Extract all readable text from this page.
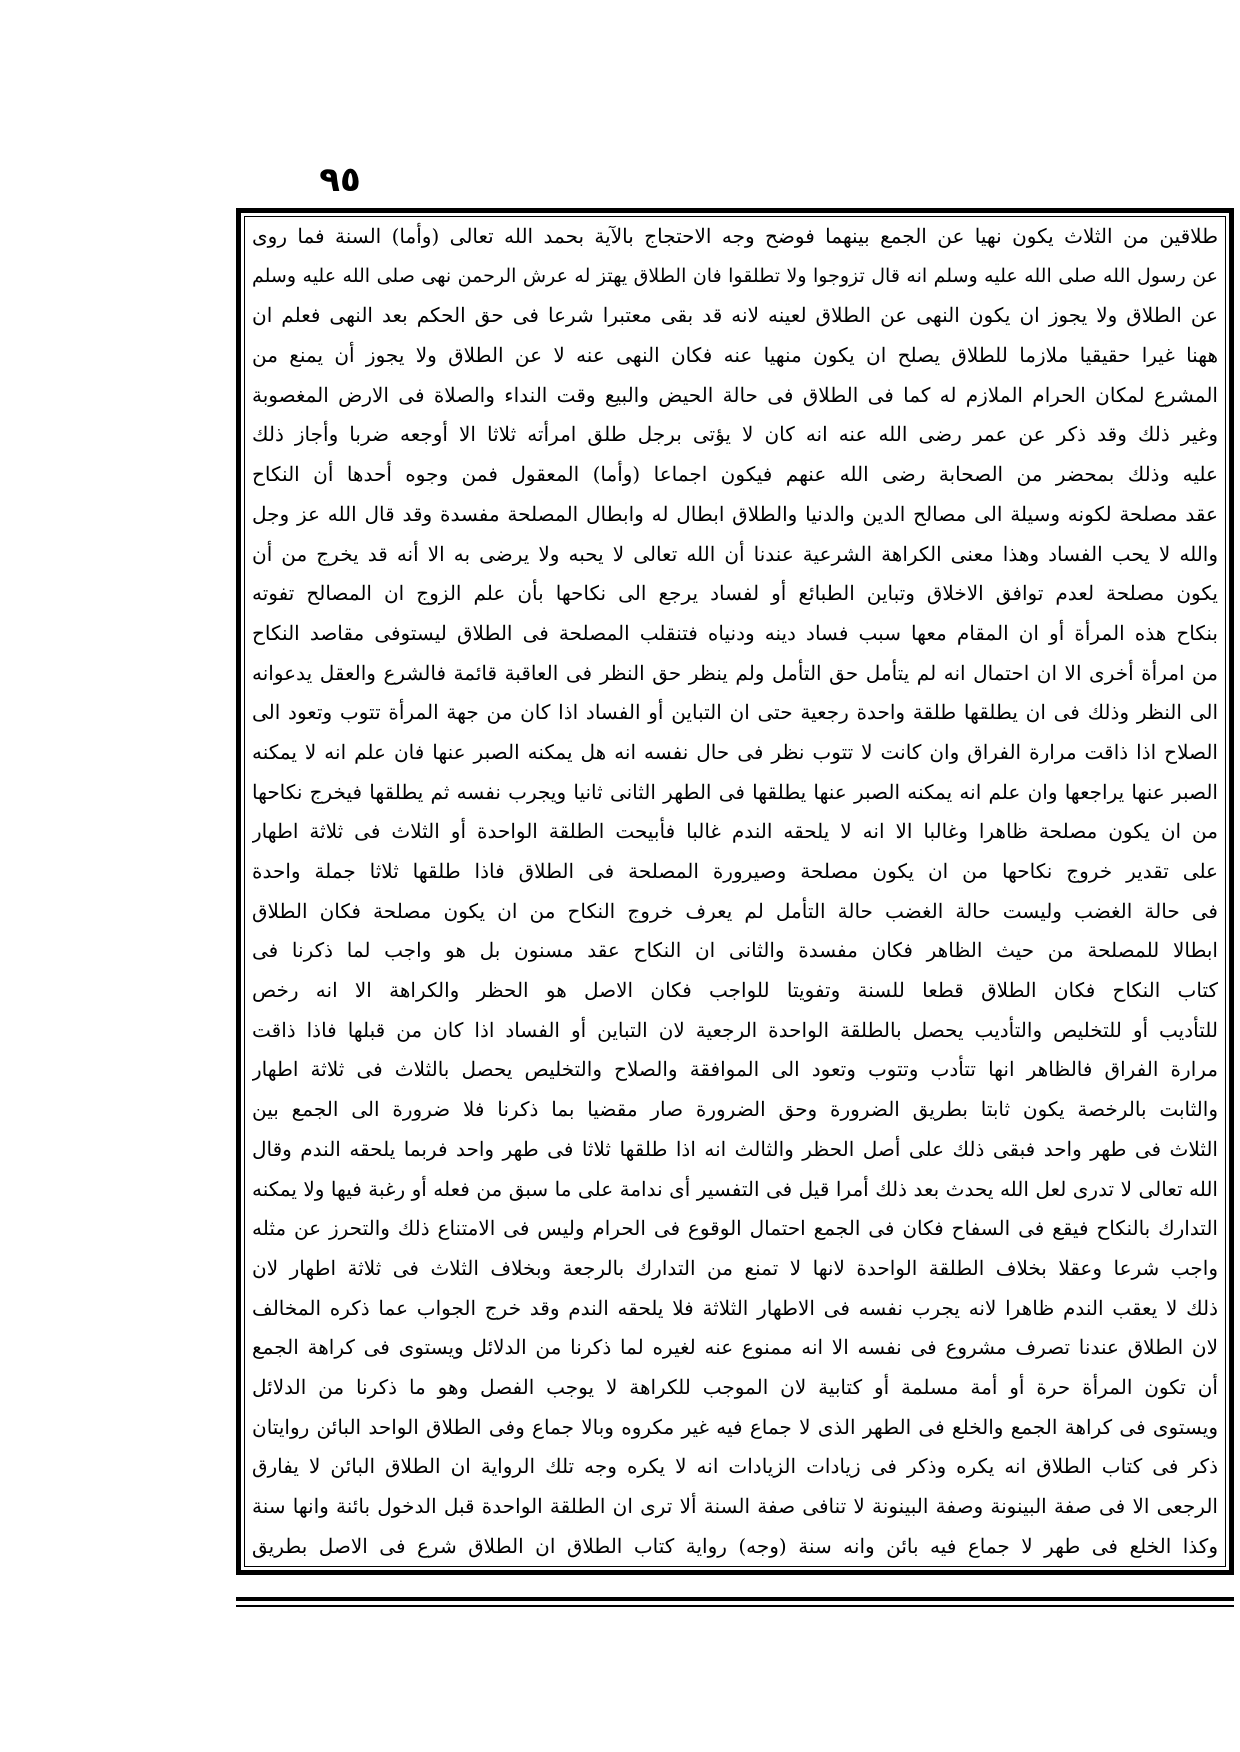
٩٥
طلاقين من الثلاث يكون نهيا عن الجمع بينهما فوضح وجه الاحتجاج بالآية بحمد الله تعالى (وأما) السنة فما روى
عن رسول الله صلى الله عليه وسلم انه قال تزوجوا ولا تطلقوا فان الطلاق يهتز له عرش الرحمن نهى صلى الله عليه وسلم
عن الطلاق ولا يجوز ان يكون النهى عن الطلاق لعينه لانه قد بقى معتبرا شرعا فى حق الحكم بعد النهى فعلم ان
ههنا غيرا حقيقيا ملازما للطلاق يصلح ان يكون منهيا عنه فكان النهى عنه لا عن الطلاق ولا يجوز أن يمنع من
المشرع لمكان الحرام الملازم له كما فى الطلاق فى حالة الحيض والبيع وقت النداء والصلاة فى الارض المغصوبة
وغير ذلك وقد ذكر عن عمر رضى الله عنه انه كان لا يؤتى برجل طلق امرأته ثلاثا الا أوجعه ضربا وأجاز ذلك
عليه وذلك بمحضر من الصحابة رضى الله عنهم فيكون اجماعا (وأما) المعقول فمن وجوه أحدها أن النكاح
عقد مصلحة لكونه وسيلة الى مصالح الدين والدنيا والطلاق ابطال له وابطال المصلحة مفسدة وقد قال الله عز وجل
والله لا يحب الفساد وهذا معنى الكراهة الشرعية عندنا أن الله تعالى لا يحبه ولا يرضى به الا أنه قد يخرج من أن
يكون مصلحة لعدم توافق الاخلاق وتباين الطبائع أو لفساد يرجع الى نكاحها بأن علم الزوج ان المصالح تفوته
بنكاح هذه المرأة أو ان المقام معها سبب فساد دينه ودنياه فتنقلب المصلحة فى الطلاق ليستوفى مقاصد النكاح
من امرأة أخرى الا ان احتمال انه لم يتأمل حق التأمل ولم ينظر حق النظر فى العاقبة قائمة فالشرع والعقل يدعوانه
الى النظر وذلك فى ان يطلقها طلقة واحدة رجعية حتى ان التباين أو الفساد اذا كان من جهة المرأة تتوب وتعود الى
الصلاح اذا ذاقت مرارة الفراق وان كانت لا تتوب نظر فى حال نفسه انه هل يمكنه الصبر عنها فان علم انه لا يمكنه
الصبر عنها يراجعها وان علم انه يمكنه الصبر عنها يطلقها فى الطهر الثانى ثانيا ويجرب نفسه ثم يطلقها فيخرج نكاحها
من ان يكون مصلحة ظاهرا وغالبا الا انه لا يلحقه الندم غالبا فأبيحت الطلقة الواحدة أو الثلاث فى ثلاثة اطهار
على تقدير خروج نكاحها من ان يكون مصلحة وصيرورة المصلحة فى الطلاق فاذا طلقها ثلاثا جملة واحدة
فى حالة الغضب وليست حالة الغضب حالة التأمل لم يعرف خروج النكاح من ان يكون مصلحة فكان الطلاق
ابطالا للمصلحة من حيث الظاهر فكان مفسدة والثانى ان النكاح عقد مسنون بل هو واجب لما ذكرنا فى
كتاب النكاح فكان الطلاق قطعا للسنة وتفويتا للواجب فكان الاصل هو الحظر والكراهة الا انه رخص
للتأديب أو للتخليص والتأديب يحصل بالطلقة الواحدة الرجعية لان التباين أو الفساد اذا كان من قبلها فاذا ذاقت
مرارة الفراق فالظاهر انها تتأدب وتتوب وتعود الى الموافقة والصلاح والتخليص يحصل بالثلاث فى ثلاثة اطهار
والثابت بالرخصة يكون ثابتا بطريق الضرورة وحق الضرورة صار مقضيا بما ذكرنا فلا ضرورة الى الجمع بين
الثلاث فى طهر واحد فبقى ذلك على أصل الحظر والثالث انه اذا طلقها ثلاثا فى طهر واحد فربما يلحقه الندم وقال
الله تعالى لا تدرى لعل الله يحدث بعد ذلك أمرا قيل فى التفسير أى ندامة على ما سبق من فعله أو رغبة فيها ولا يمكنه
التدارك بالنكاح فيقع فى السفاح فكان فى الجمع احتمال الوقوع فى الحرام وليس فى الامتناع ذلك والتحرز عن مثله
واجب شرعا وعقلا بخلاف الطلقة الواحدة لانها لا تمنع من التدارك بالرجعة وبخلاف الثلاث فى ثلاثة اطهار لان
ذلك لا يعقب الندم ظاهرا لانه يجرب نفسه فى الاطهار الثلاثة فلا يلحقه الندم وقد خرج الجواب عما ذكره المخالف
لان الطلاق عندنا تصرف مشروع فى نفسه الا انه ممنوع عنه لغيره لما ذكرنا من الدلائل ويستوى فى كراهة الجمع
أن تكون المرأة حرة أو أمة مسلمة أو كتابية لان الموجب للكراهة لا يوجب الفصل وهو ما ذكرنا من الدلائل
ويستوى فى كراهة الجمع والخلع فى الطهر الذى لا جماع فيه غير مكروه وبالا جماع وفى الطلاق الواحد البائن روايتان
ذكر فى كتاب الطلاق انه يكره وذكر فى زيادات الزيادات انه لا يكره وجه تلك الرواية ان الطلاق البائن لا يفارق
الرجعى الا فى صفة البينونة وصفة البينونة لا تنافى صفة السنة ألا ترى ان الطلقة الواحدة قبل الدخول بائنة وانها سنة
وكذا الخلع فى طهر لا جماع فيه بائن وانه سنة (وجه) رواية كتاب الطلاق ان الطلاق شرع فى الاصل بطريق
